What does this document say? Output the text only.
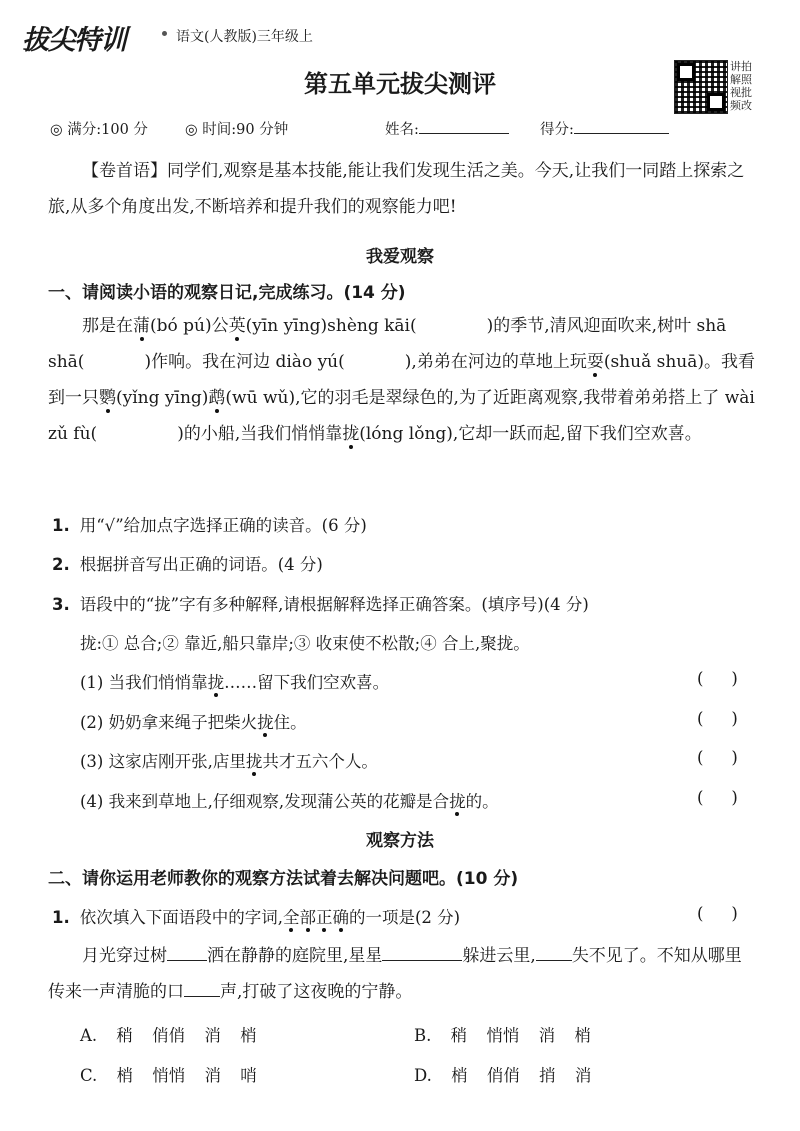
拔尖特训	语文(人教版)三年级上
第五单元拔尖测评
讲拍解照视批频改
◎ 满分:100 分	◎ 时间:90 分钟	姓名:	得分:
【卷首语】同学们,观察是基本技能,能让我们发现生活之美。今天,让我们一同踏上探索之旅,从多个角度出发,不断培养和提升我们的观察能力吧!
我爱观察
一、请阅读小语的观察日记,完成练习。(14 分)
那是在蒲(bó pú)公英(yīn yīng)shèng kāi(	)的季节,清风迎面吹来,树叶 shā shā(	)作响。我在河边 diào yú(	),弟弟在河边的草地上玩耍(shuǎ shuā)。我看到一只鹦(yǐng yīng)鹉(wū wǔ),它的羽毛是翠绿色的,为了近距离观察,我带着弟弟搭上了 wài zǔ fù(	)的小船,当我们悄悄靠拢(lóng lǒng),它却一跃而起,留下我们空欢喜。
1. 用“√”给加点字选择正确的读音。(6 分)
2. 根据拼音写出正确的词语。(4 分)
3. 语段中的“拢”字有多种解释,请根据解释选择正确答案。(填序号)(4 分)
拢:① 总合;② 靠近,船只靠岸;③ 收束使不松散;④ 合上,聚拢。
(1) 当我们悄悄靠拢……留下我们空欢喜。	()
(2) 奶奶拿来绳子把柴火拢住。	()
(3) 这家店刚开张,店里拢共才五六个人。	()
(4) 我来到草地上,仔细观察,发现蒲公英的花瓣是合拢的。	()
观察方法
二、请你运用老师教你的观察方法试着去解决问题吧。(10 分)
1. 依次填入下面语段中的字词,全部正确的一项是(2 分)	()
月光穿过树 洒在静静的庭院里,星星	躲进云里, 失不见了。不知从哪里传来一声清脆的口 声,打破了这夜晚的宁静。
A. 稍 俏俏 消 梢	B. 稍 悄悄 消 梢
C. 梢 悄悄 消 哨	D. 梢 俏俏 捎 消
